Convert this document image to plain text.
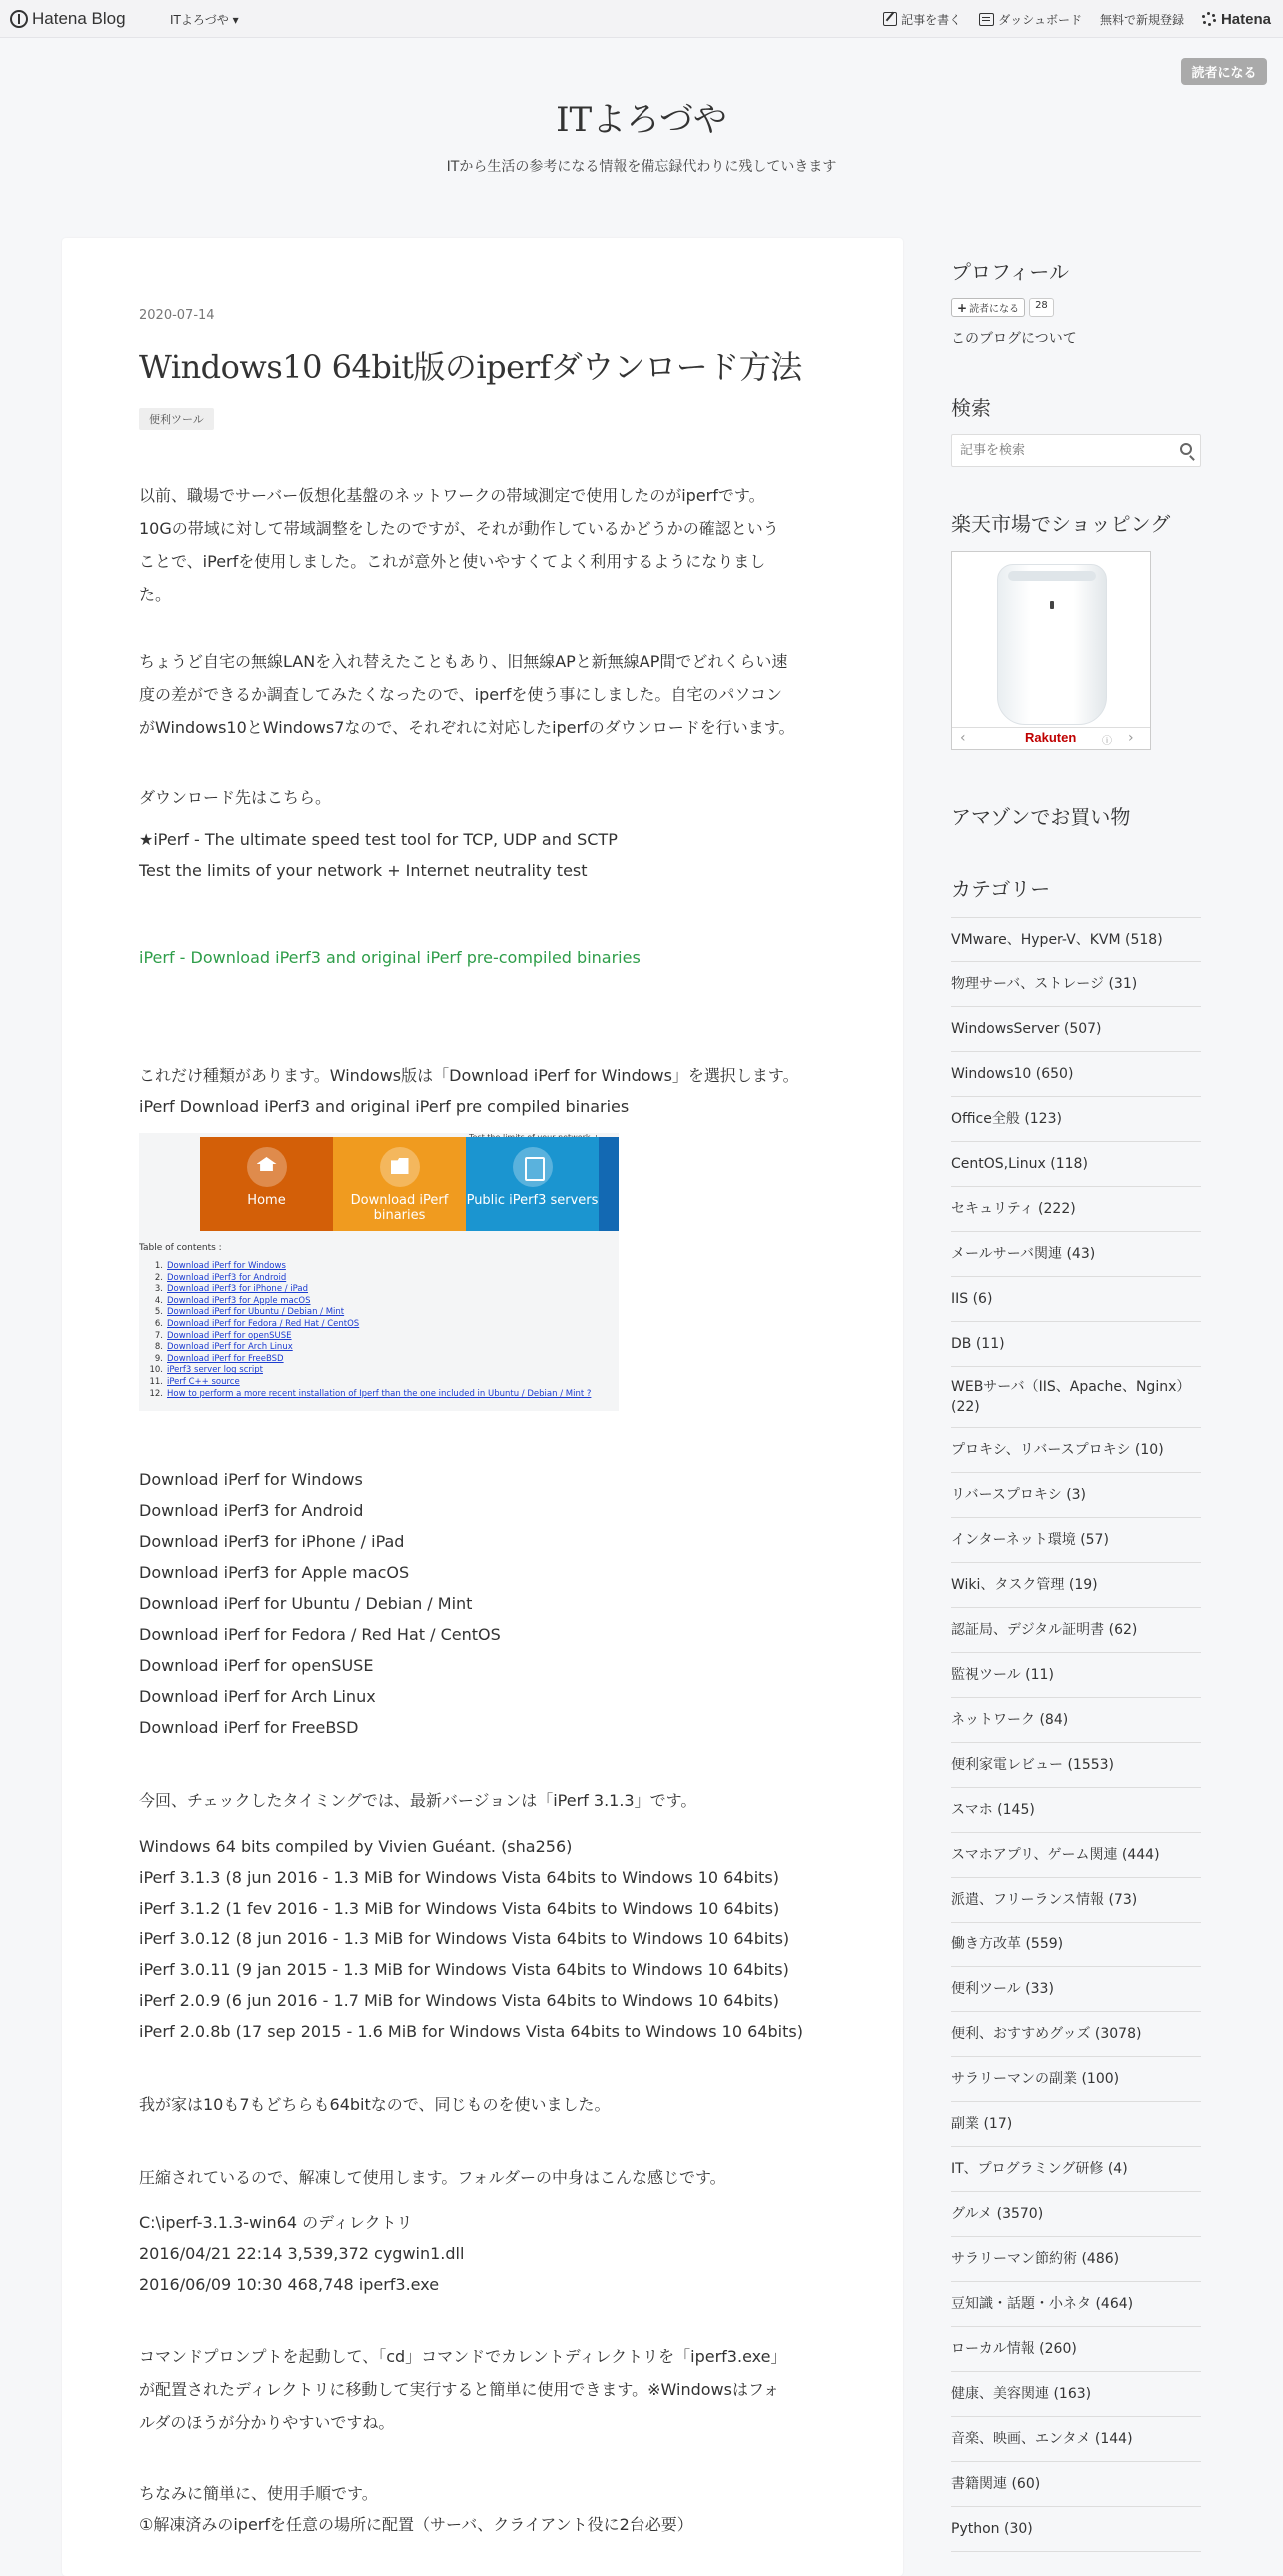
Hatena Blog	ITよろづや ▾	記事を書く	ダッシュボード 無料で新規登録 Hatena
読者になる
ITよろづや
ITから生活の参考になる情報を備忘録代わりに残していきます
2020-07-14
Windows10 64bit版のiperfダウンロード方法
便利ツール
以前、職場でサーバー仮想化基盤のネットワークの帯域測定で使用したのがiperfです。
10Gの帯域に対して帯域調整をしたのですが、それが動作しているかどうかの確認という
ことで、iPerfを使用しました。これが意外と使いやすくてよく利用するようになりまし
た。
ちょうど自宅の無線LANを入れ替えたこともあり、旧無線APと新無線AP間でどれくらい速
度の差ができるか調査してみたくなったので、iperfを使う事にしました。自宅のパソコン
がWindows10とWindows7なので、それぞれに対応したiperfのダウンロードを行います。
ダウンロード先はこちら。
★iPerf - The ultimate speed test tool for TCP, UDP and SCTP
Test the limits of your network + Internet neutrality test
iPerf - Download iPerf3 and original iPerf pre-compiled binaries
これだけ種類があります。Windows版は「Download iPerf for Windows」を選択します。
iPerf Download iPerf3 and original iPerf pre compiled binaries
Home	Download iPerf binaries
Public iPerf3 servers
Table of contents :
1. Download iPerf for Windows
2. Download iPerf3 for Android
3. Download iPerf3 for iPhone / iPad
4. Download iPerf3 for Apple macOS
5. Download iPerf for Ubuntu / Debian / Mint
6. Download iPerf for Fedora / Red Hat / CentOS
7. Download iPerf for openSUSE
8. Download iPerf for Arch Linux
9. Download iPerf for FreeBSD
10. iPerf3 server log script
11. iPerf C++ source
12. How to perform a more recent installation of Iperf than the one included in Ubuntu / Debian / Mint ?
Download iPerf for Windows
Download iPerf3 for Android
Download iPerf3 for iPhone / iPad
Download iPerf3 for Apple macOS
Download iPerf for Ubuntu / Debian / Mint
Download iPerf for Fedora / Red Hat / CentOS
Download iPerf for openSUSE
Download iPerf for Arch Linux
Download iPerf for FreeBSD
今回、チェックしたタイミングでは、最新バージョンは「iPerf 3.1.3」です。
Windows 64 bits compiled by Vivien Guéant. (sha256)
iPerf 3.1.3 (8 jun 2016 - 1.3 MiB for Windows Vista 64bits to Windows 10 64bits)
iPerf 3.1.2 (1 fev 2016 - 1.3 MiB for Windows Vista 64bits to Windows 10 64bits)
iPerf 3.0.12 (8 jun 2016 - 1.3 MiB for Windows Vista 64bits to Windows 10 64bits)
iPerf 3.0.11 (9 jan 2015 - 1.3 MiB for Windows Vista 64bits to Windows 10 64bits)
iPerf 2.0.9 (6 jun 2016 - 1.7 MiB for Windows Vista 64bits to Windows 10 64bits)
iPerf 2.0.8b (17 sep 2015 - 1.6 MiB for Windows Vista 64bits to Windows 10 64bits)
我が家は10も7もどちらも64bitなので、同じものを使いました。
圧縮されているので、解凍して使用します。フォルダーの中身はこんな感じです。
C:\iperf-3.1.3-win64 のディレクトリ
2016/04/21 22:14 3,539,372 cygwin1.dll
2016/06/09 10:30 468,748 iperf3.exe
コマンドプロンプトを起動して、「cd」コマンドでカレントディレクトリを「iperf3.exe」
が配置されたディレクトリに移動して実行すると簡単に使用できます。※Windowsはフォ
ルダのほうが分かりやすいですね。
ちなみに簡単に、使用手順です。
①解凍済みのiperfを任意の場所に配置（サーバ、クライアント役に2台必要）
プロフィール
+ 読者になる	28
このブログについて
検索
記事を検索
楽天市場でショッピング
‹	Rakuten	ⓘ ›
アマゾンでお買い物
カテゴリー
VMware、Hyper-V、KVM (518)
物理サーバ、ストレージ (31)
WindowsServer (507)
Windows10 (650)
Office全般 (123)
CentOS,Linux (118)
セキュリティ (222)
メールサーバ関連 (43)
IIS (6)
DB (11)
WEBサーバ（IIS、Apache、Nginx）(22)
プロキシ、リバースプロキシ (10)
リバースプロキシ (3)
インターネット環境 (57)
Wiki、タスク管理 (19)
認証局、デジタル証明書 (62)
監視ツール (11)
ネットワーク (84)
便利家電レビュー (1553)
スマホ (145)
スマホアプリ、ゲーム関連 (444)
派遣、フリーランス情報 (73)
働き方改革 (559)
便利ツール (33)
便利、おすすめグッズ (3078)
サラリーマンの副業 (100)
副業 (17)
IT、プログラミング研修 (4)
グルメ (3570)
サラリーマン節約術 (486)
豆知識・話題・小ネタ (464)
ローカル情報 (260)
健康、美容関連 (163)
音楽、映画、エンタメ (144)
書籍関連 (60)
Python (30)
